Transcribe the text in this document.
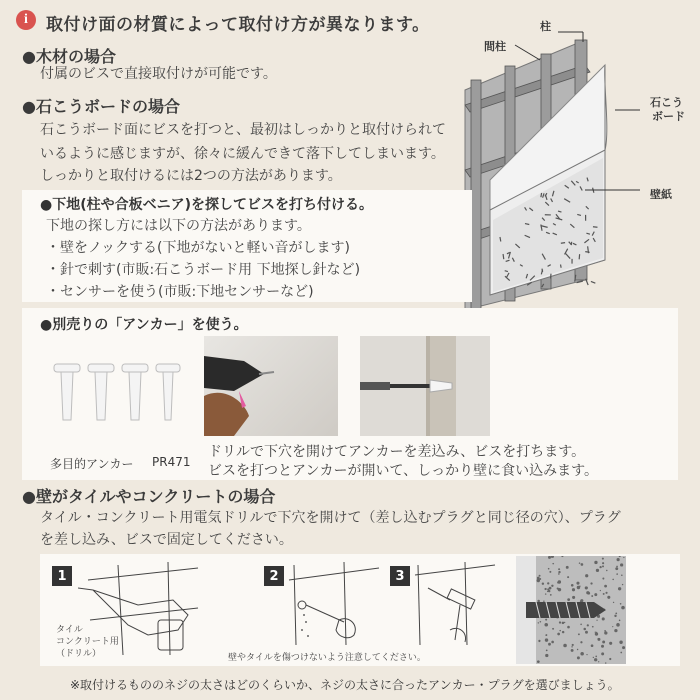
i	取付け面の材質によって取付け方が異なります。
●木材の場合
付属のビスで直接取付けが可能です。
●石こうボードの場合
石こうボード面にビスを打つと、最初はしっかりと取付けられて
いるように感じますが、徐々に緩んできて落下してしまいます。
しっかりと取付けるには2つの方法があります。
柱
間柱
石こう
ボード
壁紙
●下地(柱や合板ベニア)を探してビスを打ち付ける。
下地の探し方には以下の方法があります。
・壁をノックする(下地がないと軽い音がします)
・針で刺す(市販:石こうボード用 下地探し針など)
・センサーを使う(市販:下地センサーなど)
●別売りの「アンカー」を使う。
多目的アンカー PR471
ドリルで下穴を開けてアンカーを差込み、ビスを打ちます。
ビスを打つとアンカーが開いて、しっかり壁に食い込みます。
●壁がタイルやコンクリートの場合
タイル・コンクリート用電気ドリルで下穴を開けて（差し込むプラグと同じ径の穴）、プラグ
を差し込み、ビスで固定してください。
1	2	3
タイル
コンクリート用
（ドリル）	壁やタイルを傷つけないよう注意してください。
※取付けるもののネジの太さはどのくらいか、ネジの太さに合ったアンカー・プラグを選びましょう。
